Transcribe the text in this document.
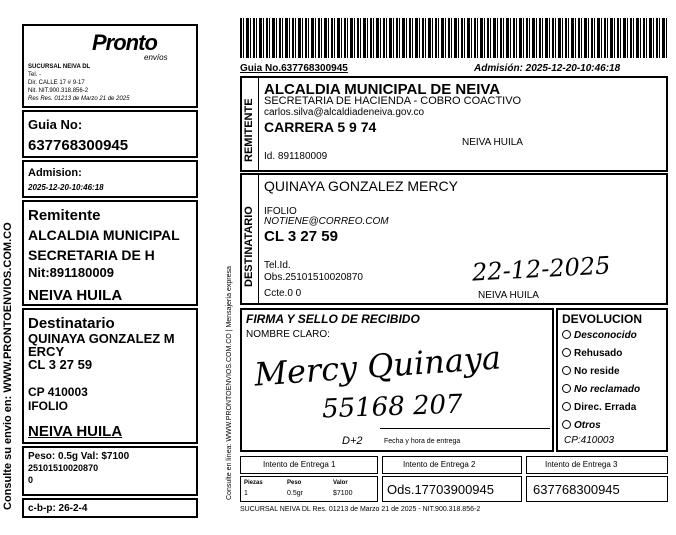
Consulte su envio en: WWW.PRONTOENVIOS.COM.CO
Pronto
envíos
SUCURSAL NEIVA DL
Tel. -
Dir. CALLE 17 # 9-17
Nit. NIT.900.318.856-2
Res Res. 01213 de Marzo 21 de 2025
Guia No:
637768300945
Admision:
2025-12-20-10:46:18
Remitente
ALCALDIA MUNICIPAL
SECRETARIA DE H
Nit:891180009
NEIVA HUILA
Destinatario
QUINAYA GONZALEZ M
ERCY
CL 3 27 59
CP 410003
IFOLIO
NEIVA HUILA
Peso: 0.5g Val: $7100
25101510020870
0
c-b-p: 26-2-4
Guia No.637768300945	Admisión: 2025-12-20-10:46:18
Consulte en línea: WWW.PRONTOENVIOS.COM.CO | Mensajería expresa
REMITENTE
ALCALDIA MUNICIPAL DE NEIVA
SECRETARIA DE HACIENDA - COBRO COACTIVO
carlos.silva@alcaldiadeneiva.gov.co
CARRERA 5 9 74
NEIVA HUILA
Id. 891180009
DESTINATARIO
QUINAYA GONZALEZ MERCY
IFOLIO
NOTIENE@CORREO.COM
CL 3 27 59
Tel.Id.
Obs.25101510020870
Ccte.0 0	NEIVA HUILA
22-12-2025
FIRMA Y SELLO DE RECIBIDO
NOMBRE CLARO:
Mercy Quinaya
55168 207
D+2	Fecha y hora de entrega
DEVOLUCION
Desconocido
Rehusado
No reside
No reclamado
Direc. Errada
Otros
CP:410003
Intento de Entrega 1	Intento de Entrega 2	Intento de Entrega 3
Piezas	Peso	Valor
1	0.5gr	$7100	Ods.17703900945	637768300945
SUCURSAL NEIVA DL Res. 01213 de Marzo 21 de 2025 - NIT.900.318.856-2
